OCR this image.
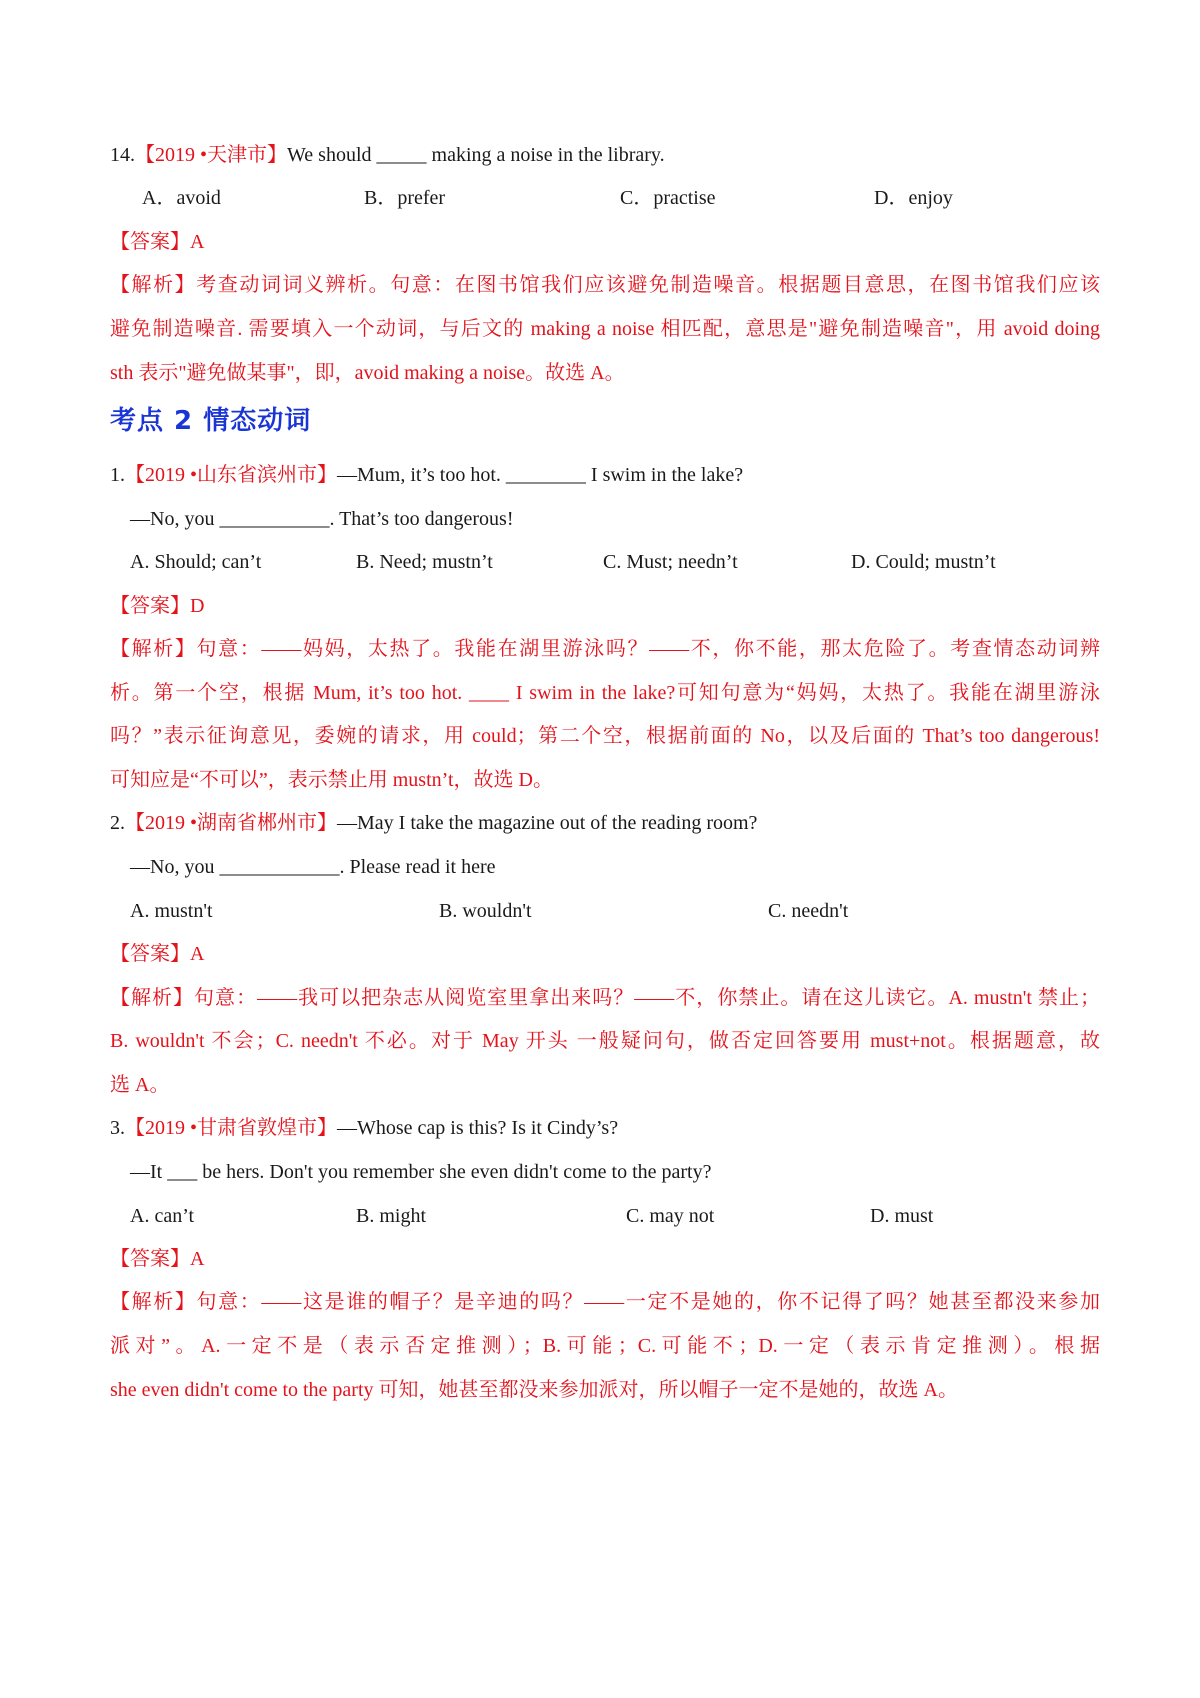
14.【2019 •天津市】We should _____ making a noise in the library.
A．avoid	B．prefer	C．practise	D．enjoy
【答案】A
【解析】考查动词词义辨析。句意：在图书馆我们应该避免制造噪音。根据题目意思，在图书馆我们应该
避免制造噪音. 需要填入一个动词，与后文的 making a noise 相匹配，意思是"避免制造噪音"，用 avoid doing
sth 表示"避免做某事"，即，avoid making a noise。故选 A。
考点 2 情态动词
1.【2019 •山东省滨州市】—Mum, it’s too hot. ________ I swim in the lake?
—No, you ___________. That’s too dangerous!
A. Should; can’t	B. Need; mustn’t	C. Must; needn’t	D. Could; mustn’t
【答案】D
【解析】句意：——妈妈，太热了。我能在湖里游泳吗？——不，你不能，那太危险了。考查情态动词辨
析。第一个空，根据 Mum, it’s too hot. ____ I swim in the lake?可知句意为“妈妈，太热了。我能在湖里游泳
吗？”表示征询意见，委婉的请求，用 could；第二个空，根据前面的 No，以及后面的 That’s too dangerous!
可知应是“不可以”，表示禁止用 mustn’t，故选 D。
2.【2019 •湖南省郴州市】—May I take the magazine out of the reading room?
—No, you ____________. Please read it here
A. mustn't	B. wouldn't	C. needn't
【答案】A
【解析】句意：——我可以把杂志从阅览室里拿出来吗？——不，你禁止。请在这儿读它。A. mustn't 禁止；
B. wouldn't 不会；C. needn't 不必。对于 May 开头 一般疑问句，做否定回答要用 must+not。根据题意，故
选 A。
3.【2019 •甘肃省敦煌市】—Whose cap is this? Is it Cindy’s?
—It ___ be hers. Don't you remember she even didn't come to the party?
A. can’t	B. might	C. may not	D. must
【答案】A
【解析】句意：——这是谁的帽子？是辛迪的吗？——一定不是她的，你不记得了吗？她甚至都没来参加
派对”。A.一定不是（表示否定推测）；B.可能；C.可能不；D.一定（表示肯定推测）。根据
she even didn't come to the party 可知，她甚至都没来参加派对，所以帽子一定不是她的，故选 A。
